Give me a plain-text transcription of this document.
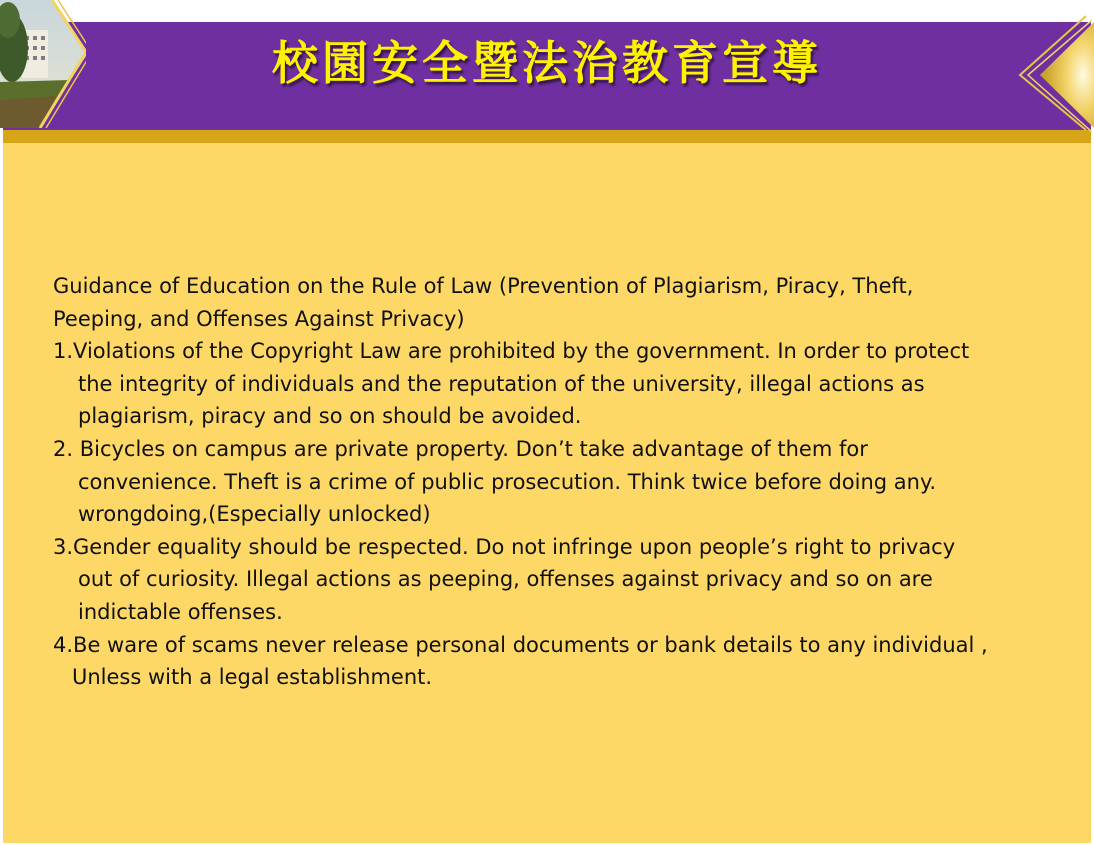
校園安全暨法治教育宣導

Guidance of Education on the Rule of Law (Prevention of Plagiarism, Piracy, Theft,

Peeping, and Offenses Against Privacy)

1.Violations of the Copyright Law are prohibited by the government. In order to protect

the integrity of individuals and the reputation of the university, illegal actions as

plagiarism, piracy and so on should be avoided.

2. Bicycles on campus are private property. Don’t take advantage of them for

convenience. Theft is a crime of public prosecution. Think twice before doing any.

wrongdoing,(Especially unlocked)

3.Gender equality should be respected. Do not infringe upon people’s right to privacy

out of curiosity. Illegal actions as peeping, offenses against privacy and so on are

indictable offenses.

4.Be ware of scams never release personal documents or bank details to any individual ,

Unless with a legal establishment.
